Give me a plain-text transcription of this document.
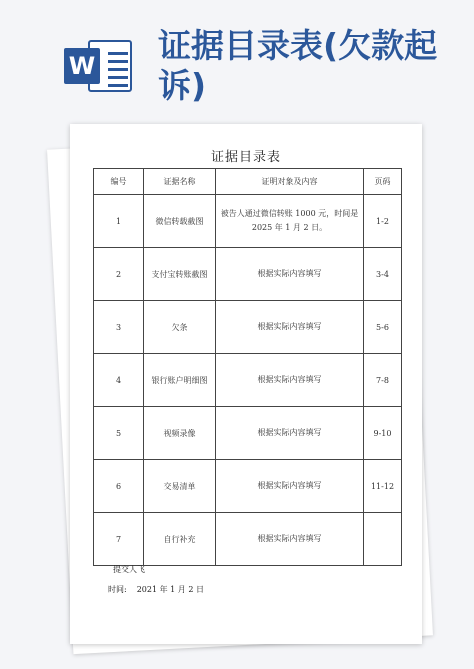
W
证据目录表(欠款起诉)
证据目录表
编号	证据名称	证明对象及内容	页码
1	微信转载截图	被告人通过微信转账 1000 元，时间是 2025 年 1 月 2 日。	1-2
2	支付宝转账截图	根据实际内容填写	3-4
3	欠条	根据实际内容填写	5-6
4	银行账户明细图	根据实际内容填写	7-8
5	视频录像	根据实际内容填写	9-10
6	交易清单	根据实际内容填写	11-12
7	自行补充	根据实际内容填写	
提交人飞
时间: 2021 年 1 月 2 日
